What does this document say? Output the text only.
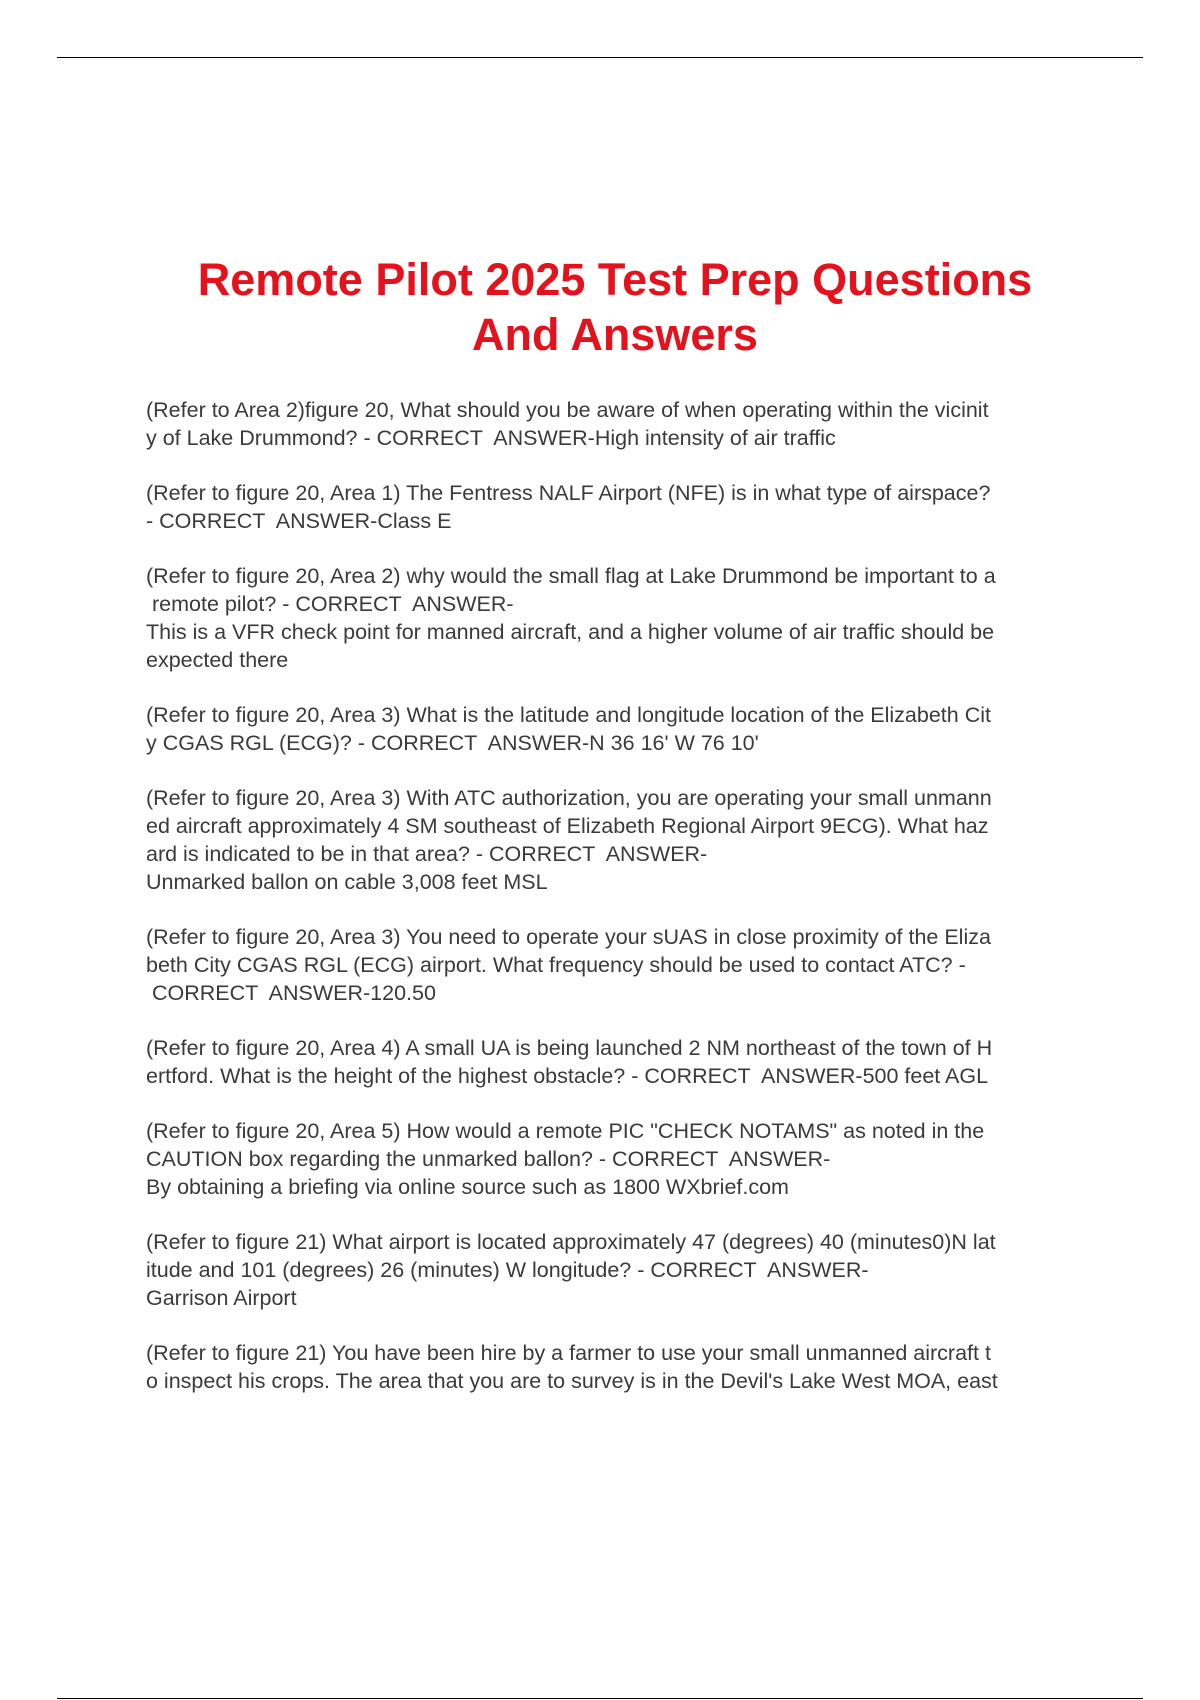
Remote Pilot 2025 Test Prep Questions
And Answers

(Refer to Area 2)figure 20, What should you be aware of when operating within the vicinit
y of Lake Drummond? - CORRECT  ANSWER-High intensity of air traffic

(Refer to figure 20, Area 1) The Fentress NALF Airport (NFE) is in what type of airspace?
- CORRECT  ANSWER-Class E

(Refer to figure 20, Area 2) why would the small flag at Lake Drummond be important to a
remote pilot? - CORRECT  ANSWER-
This is a VFR check point for manned aircraft, and a higher volume of air traffic should be
expected there

(Refer to figure 20, Area 3) What is the latitude and longitude location of the Elizabeth Cit
y CGAS RGL (ECG)? - CORRECT  ANSWER-N 36 16' W 76 10'

(Refer to figure 20, Area 3) With ATC authorization, you are operating your small unmann
ed aircraft approximately 4 SM southeast of Elizabeth Regional Airport 9ECG). What haz
ard is indicated to be in that area? - CORRECT  ANSWER-
Unmarked ballon on cable 3,008 feet MSL

(Refer to figure 20, Area 3) You need to operate your sUAS in close proximity of the Eliza
beth City CGAS RGL (ECG) airport. What frequency should be used to contact ATC? -
CORRECT  ANSWER-120.50

(Refer to figure 20, Area 4) A small UA is being launched 2 NM northeast of the town of H
ertford. What is the height of the highest obstacle? - CORRECT  ANSWER-500 feet AGL

(Refer to figure 20, Area 5) How would a remote PIC "CHECK NOTAMS" as noted in the
CAUTION box regarding the unmarked ballon? - CORRECT  ANSWER-
By obtaining a briefing via online source such as 1800 WXbrief.com

(Refer to figure 21) What airport is located approximately 47 (degrees) 40 (minutes0)N lat
itude and 101 (degrees) 26 (minutes) W longitude? - CORRECT  ANSWER-
Garrison Airport

(Refer to figure 21) You have been hire by a farmer to use your small unmanned aircraft t
o inspect his crops. The area that you are to survey is in the Devil's Lake West MOA, east
